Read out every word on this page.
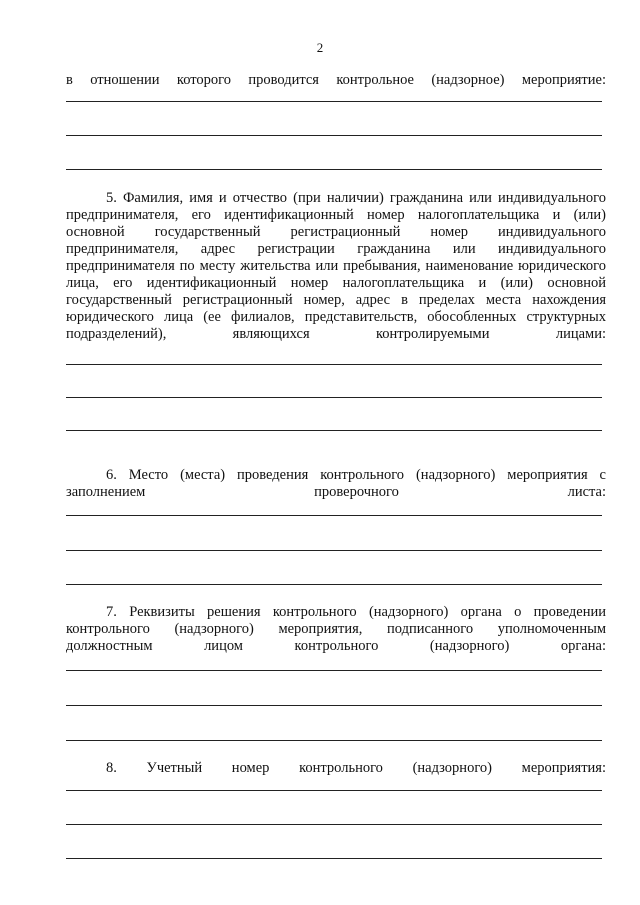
2
в отношении которого проводится контрольное (надзорное) мероприятие:
5. Фамилия, имя и отчество (при наличии) гражданина или индивидуального предпринимателя, его идентификационный номер налогоплательщика и (или) основной государственный регистрационный номер индивидуального предпринимателя, адрес регистрации гражданина или индивидуального предпринимателя по месту жительства или пребывания, наименование юридического лица, его идентификационный номер налогоплательщика и (или) основной государственный регистрационный номер, адрес в пределах места нахождения юридического лица (ее филиалов, представительств, обособленных структурных подразделений), являющихся контролируемыми лицами:
6. Место (места) проведения контрольного (надзорного) мероприятия с заполнением проверочного листа:
7. Реквизиты решения контрольного (надзорного) органа о проведении контрольного (надзорного) мероприятия, подписанного уполномоченным должностным лицом контрольного (надзорного) органа:
8. Учетный номер контрольного (надзорного) мероприятия:
